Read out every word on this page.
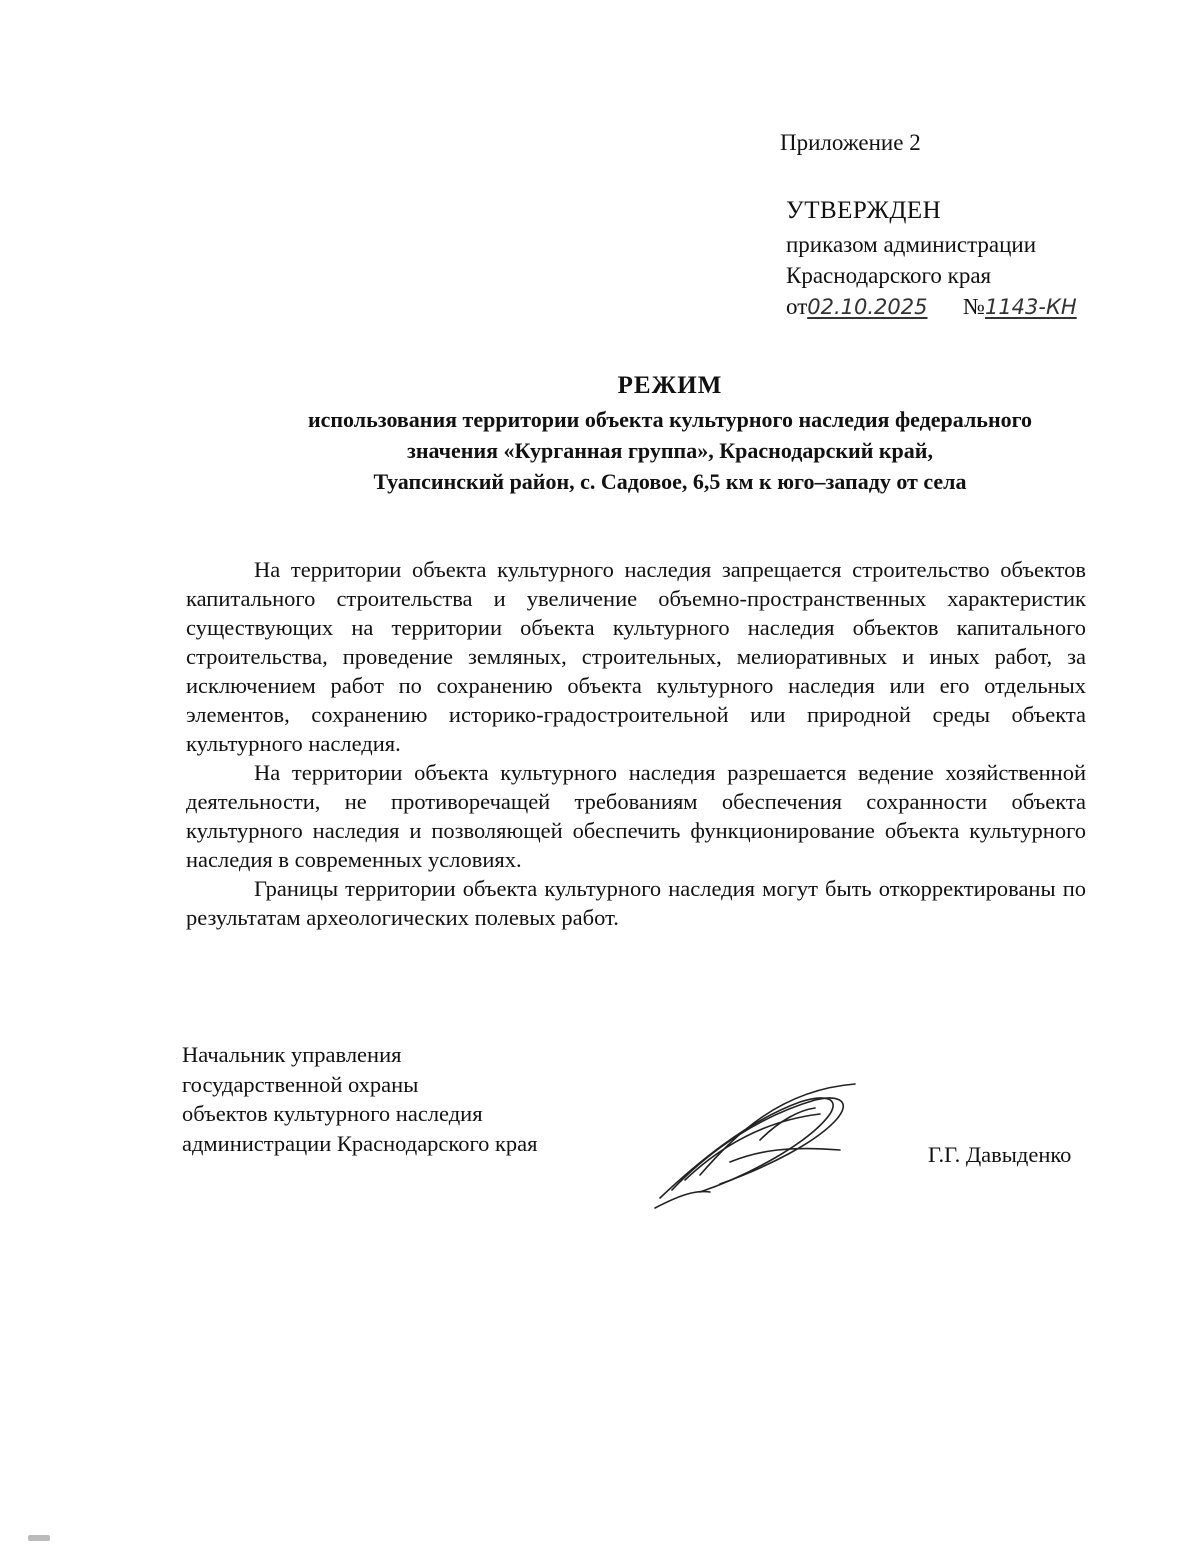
Приложение 2
УТВЕРЖДЕН
приказом администрации
Краснодарского края
от02.10.2025 №1143-КН
РЕЖИМ
использования территории объекта культурного наследия федерального
значения «Курганная группа», Краснодарский край,
Туапсинский район, с. Садовое, 6,5 км к юго–западу от села

На территории объекта культурного наследия запрещается строительство объектов капитального строительства и увеличение объемно-пространственных характеристик существующих на территории объекта культурного наследия объектов капитального строительства, проведение земляных, строительных, мелиоративных и иных работ, за исключением работ по сохранению объекта культурного наследия или его отдельных элементов, сохранению историко-градостроительной или природной среды объекта культурного наследия.

На территории объекта культурного наследия разрешается ведение хозяйственной деятельности, не противоречащей требованиям обеспечения сохранности объекта культурного наследия и позволяющей обеспечить функционирование объекта культурного наследия в современных условиях.

Границы территории объекта культурного наследия могут быть откорректированы по результатам археологических полевых работ.

Начальник управления
государственной охраны
объектов культурного наследия
администрации Краснодарского края	Г.Г. Давыденко
